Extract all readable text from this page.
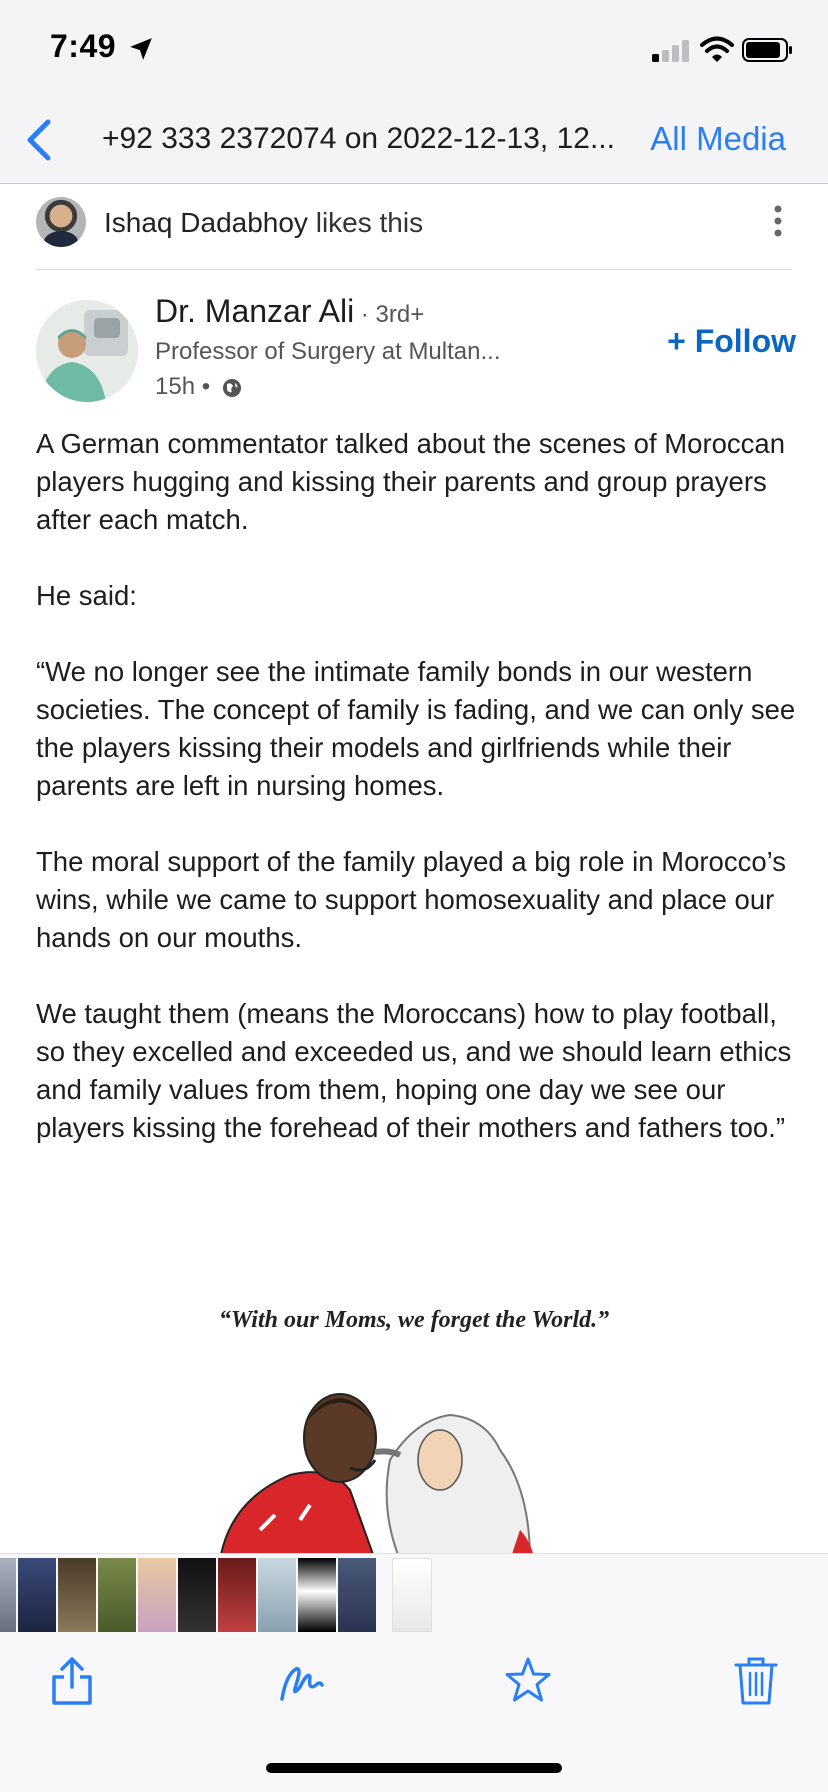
7:49
+92 333 2372074 on 2022-12-13, 12...	All Media
Ishaq Dadabhoy likes this
Dr. Manzar Ali · 3rd+
Professor of Surgery at Multan...
15h •
+ Follow

A German commentator talked about the scenes of Moroccan players hugging and kissing their parents and group prayers after each match.

He said:

“We no longer see the intimate family bonds in our western societies. The concept of family is fading, and we can only see the players kissing their models and girlfriends while their parents are left in nursing homes.

The moral support of the family played a big role in Morocco’s wins, while we came to support homosexuality and place our hands on our mouths.

We taught them (means the Moroccans) how to play football, so they excelled and exceeded us, and we should learn ethics and family values from them, hoping one day we see our players kissing the forehead of their mothers and fathers too.”

“With our Moms, we forget the World.”
